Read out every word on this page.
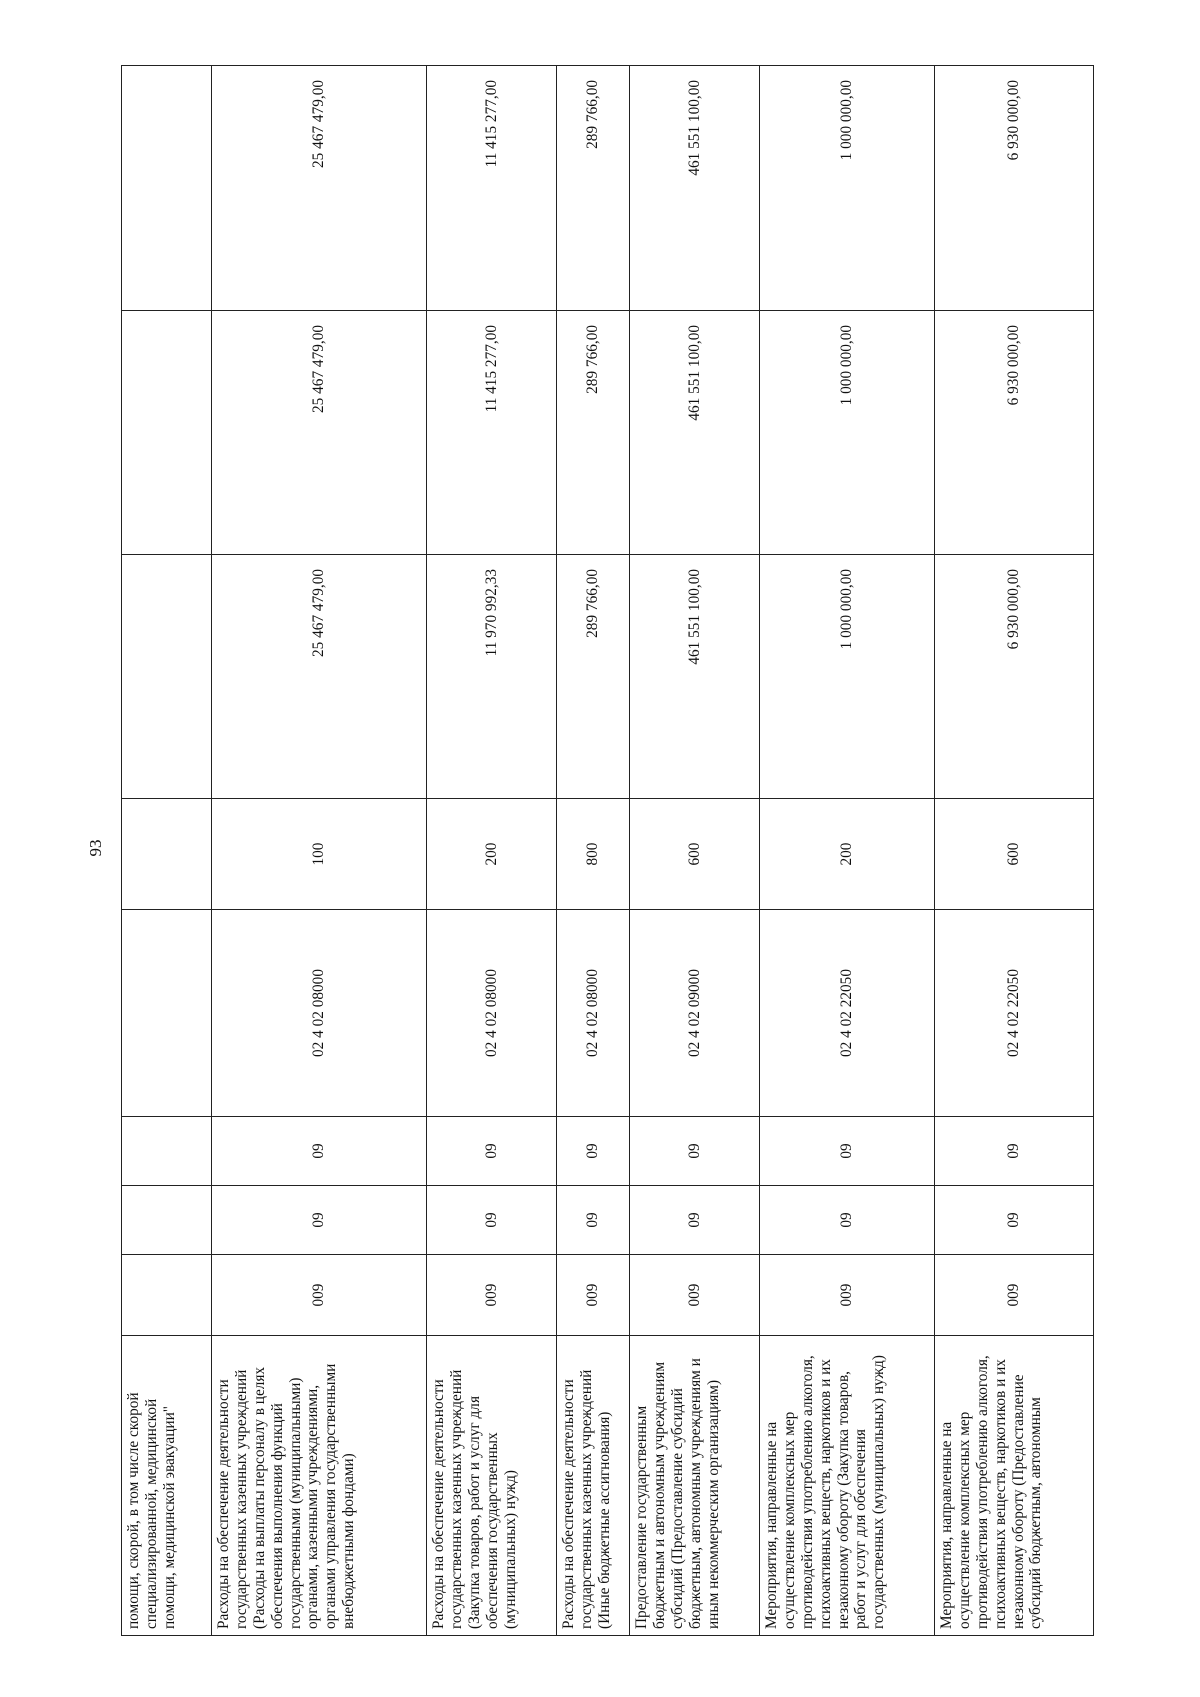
93
помощи, скорой, в том числе скорой специализированной, медицинской помощи, медицинской эвакуации"								
Расходы на обеспечение деятельности государственных казенных учреждений (Расходы на выплаты персоналу в целях обеспечения выполнения функций государственными (муниципальными) органами, казенными учреждениями, органами управления государственными внебюджетными фондами)	009	09	09	02 4 02 08000	100	25 467 479,00	25 467 479,00	25 467 479,00
Расходы на обеспечение деятельности государственных казенных учреждений (Закупка товаров, работ и услуг для обеспечения государственных (муниципальных) нужд)	009	09	09	02 4 02 08000	200	11 970 992,33	11 415 277,00	11 415 277,00
Расходы на обеспечение деятельности государственных казенных учреждений (Иные бюджетные ассигнования)	009	09	09	02 4 02 08000	800	289 766,00	289 766,00	289 766,00
Предоставление государственным бюджетным и автономным учреждениям субсидий (Предоставление субсидий бюджетным, автономным учреждениям и иным некоммерческим организациям)	009	09	09	02 4 02 09000	600	461 551 100,00	461 551 100,00	461 551 100,00
Мероприятия, направленные на осуществление комплексных мер противодействия употреблению алкоголя, психоактивных веществ, наркотиков и их незаконному обороту (Закупка товаров, работ и услуг для обеспечения государственных (муниципальных) нужд)	009	09	09	02 4 02 22050	200	1 000 000,00	1 000 000,00	1 000 000,00
Мероприятия, направленные на осуществление комплексных мер противодействия употреблению алкоголя, психоактивных веществ, наркотиков и их незаконному обороту (Предоставление субсидий бюджетным, автономным	009	09	09	02 4 02 22050	600	6 930 000,00	6 930 000,00	6 930 000,00
